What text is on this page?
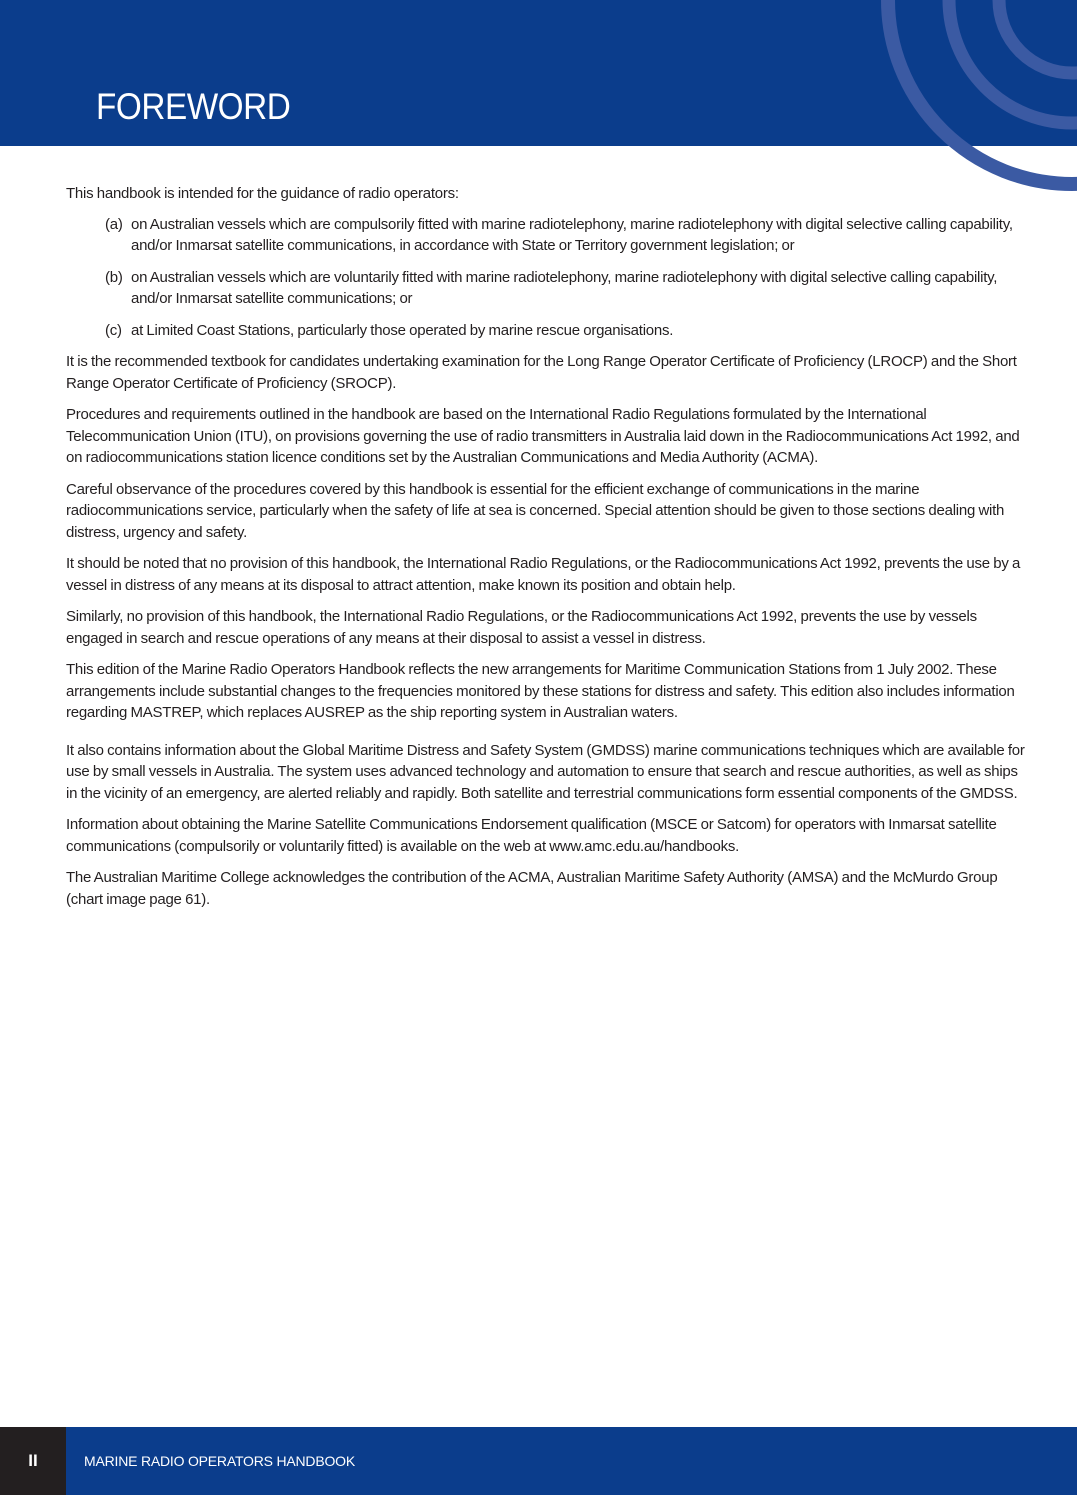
FOREWORD

This handbook is intended for the guidance of radio operators:

(a) on Australian vessels which are compulsorily fitted with marine radiotelephony, marine radiotelephony with digital selective calling capability, and/or Inmarsat satellite communications, in accordance with State or Territory government legislation; or
(b) on Australian vessels which are voluntarily fitted with marine radiotelephony, marine radiotelephony with digital selective calling capability, and/or Inmarsat satellite communications; or
(c) at Limited Coast Stations, particularly those operated by marine rescue organisations.

It is the recommended textbook for candidates undertaking examination for the Long Range Operator Certificate of Proficiency (LROCP) and the Short Range Operator Certificate of Proficiency (SROCP).

Procedures and requirements outlined in the handbook are based on the International Radio Regulations formulated by the International Telecommunication Union (ITU), on provisions governing the use of radio transmitters in Australia laid down in the Radiocommunications Act 1992, and on radiocommunications station licence conditions set by the Australian Communications and Media Authority (ACMA).

Careful observance of the procedures covered by this handbook is essential for the efficient exchange of communications in the marine radiocommunications service, particularly when the safety of life at sea is concerned. Special attention should be given to those sections dealing with distress, urgency and safety.

It should be noted that no provision of this handbook, the International Radio Regulations, or the Radiocommunications Act 1992, prevents the use by a vessel in distress of any means at its disposal to attract attention, make known its position and obtain help.

Similarly, no provision of this handbook, the International Radio Regulations, or the Radiocommunications Act 1992, prevents the use by vessels engaged in search and rescue operations of any means at their disposal to assist a vessel in distress.

This edition of the Marine Radio Operators Handbook reflects the new arrangements for Maritime Communication Stations from 1 July 2002. These arrangements include substantial changes to the frequencies monitored by these stations for distress and safety. This edition also includes information regarding MASTREP, which replaces AUSREP as the ship reporting system in Australian waters.

It also contains information about the Global Maritime Distress and Safety System (GMDSS) marine communications techniques which are available for use by small vessels in Australia. The system uses advanced technology and automation to ensure that search and rescue authorities, as well as ships in the vicinity of an emergency, are alerted reliably and rapidly. Both satellite and terrestrial communications form essential components of the GMDSS.

Information about obtaining the Marine Satellite Communications Endorsement qualification (MSCE or Satcom) for operators with Inmarsat satellite communications (compulsorily or voluntarily fitted) is available on the web at www.amc.edu.au/handbooks.

The Australian Maritime College acknowledges the contribution of the ACMA, Australian Maritime Safety Authority (AMSA) and the McMurdo Group (chart image page 61).

II	MARINE RADIO OPERATORS HANDBOOK
